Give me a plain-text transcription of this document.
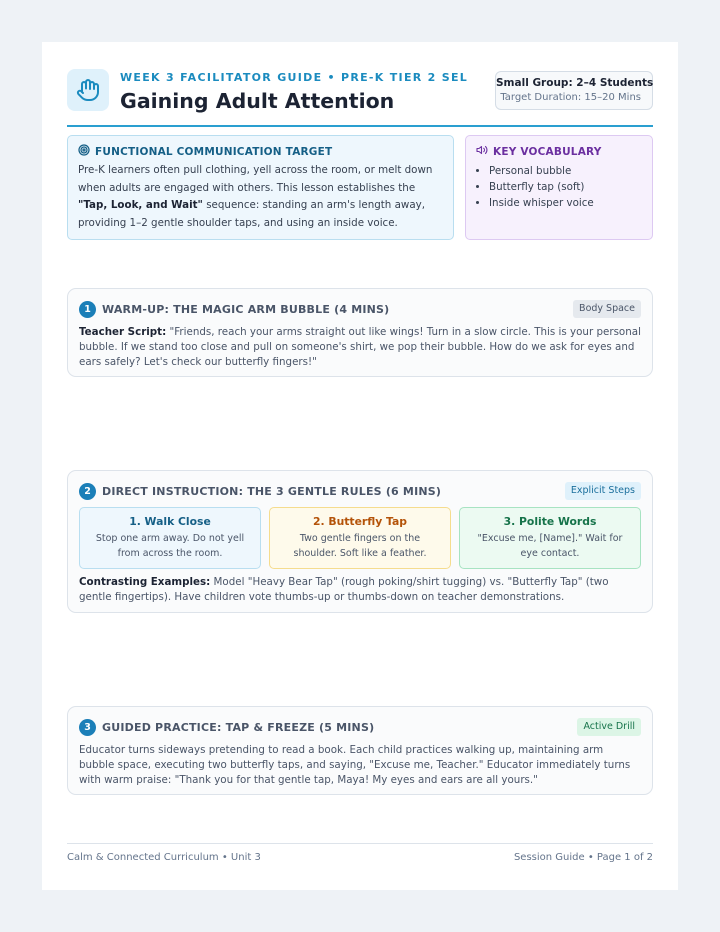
WEEK 3 FACILITATOR GUIDE • PRE-K TIER 2 SEL
Gaining Adult Attention
Small Group: 2–4 Students
Target Duration: 15–20 Mins
FUNCTIONAL COMMUNICATION TARGET

Pre-K learners often pull clothing, yell across the room, or melt down when adults are engaged with others. This lesson establishes the "Tap, Look, and Wait" sequence: standing an arm's length away, providing 1–2 gentle shoulder taps, and using an inside voice.

KEY VOCABULARY
• Personal bubble
• Butterfly tap (soft)
• Inside whisper voice
1	WARM-UP: THE MAGIC ARM BUBBLE (4 MINS)	Body Space

Teacher Script: "Friends, reach your arms straight out like wings! Turn in a slow circle. This is your personal bubble. If we stand too close and pull on someone's shirt, we pop their bubble. How do we ask for eyes and ears safely? Let's check our butterfly fingers!"

2	DIRECT INSTRUCTION: THE 3 GENTLE RULES (6 MINS)	Explicit Steps
1. Walk Close
Stop one arm away. Do not yell from across the room.
2. Butterfly Tap
Two gentle fingers on the shoulder. Soft like a feather.
3. Polite Words
"Excuse me, [Name]." Wait for eye contact.

Contrasting Examples: Model "Heavy Bear Tap" (rough poking/shirt tugging) vs. "Butterfly Tap" (two gentle fingertips). Have children vote thumbs-up or thumbs-down on teacher demonstrations.

3	GUIDED PRACTICE: TAP & FREEZE (5 MINS)	Active Drill

Educator turns sideways pretending to read a book. Each child practices walking up, maintaining arm bubble space, executing two butterfly taps, and saying, "Excuse me, Teacher." Educator immediately turns with warm praise: "Thank you for that gentle tap, Maya! My eyes and ears are all yours."

Calm & Connected Curriculum • Unit 3	Session Guide • Page 1 of 2
